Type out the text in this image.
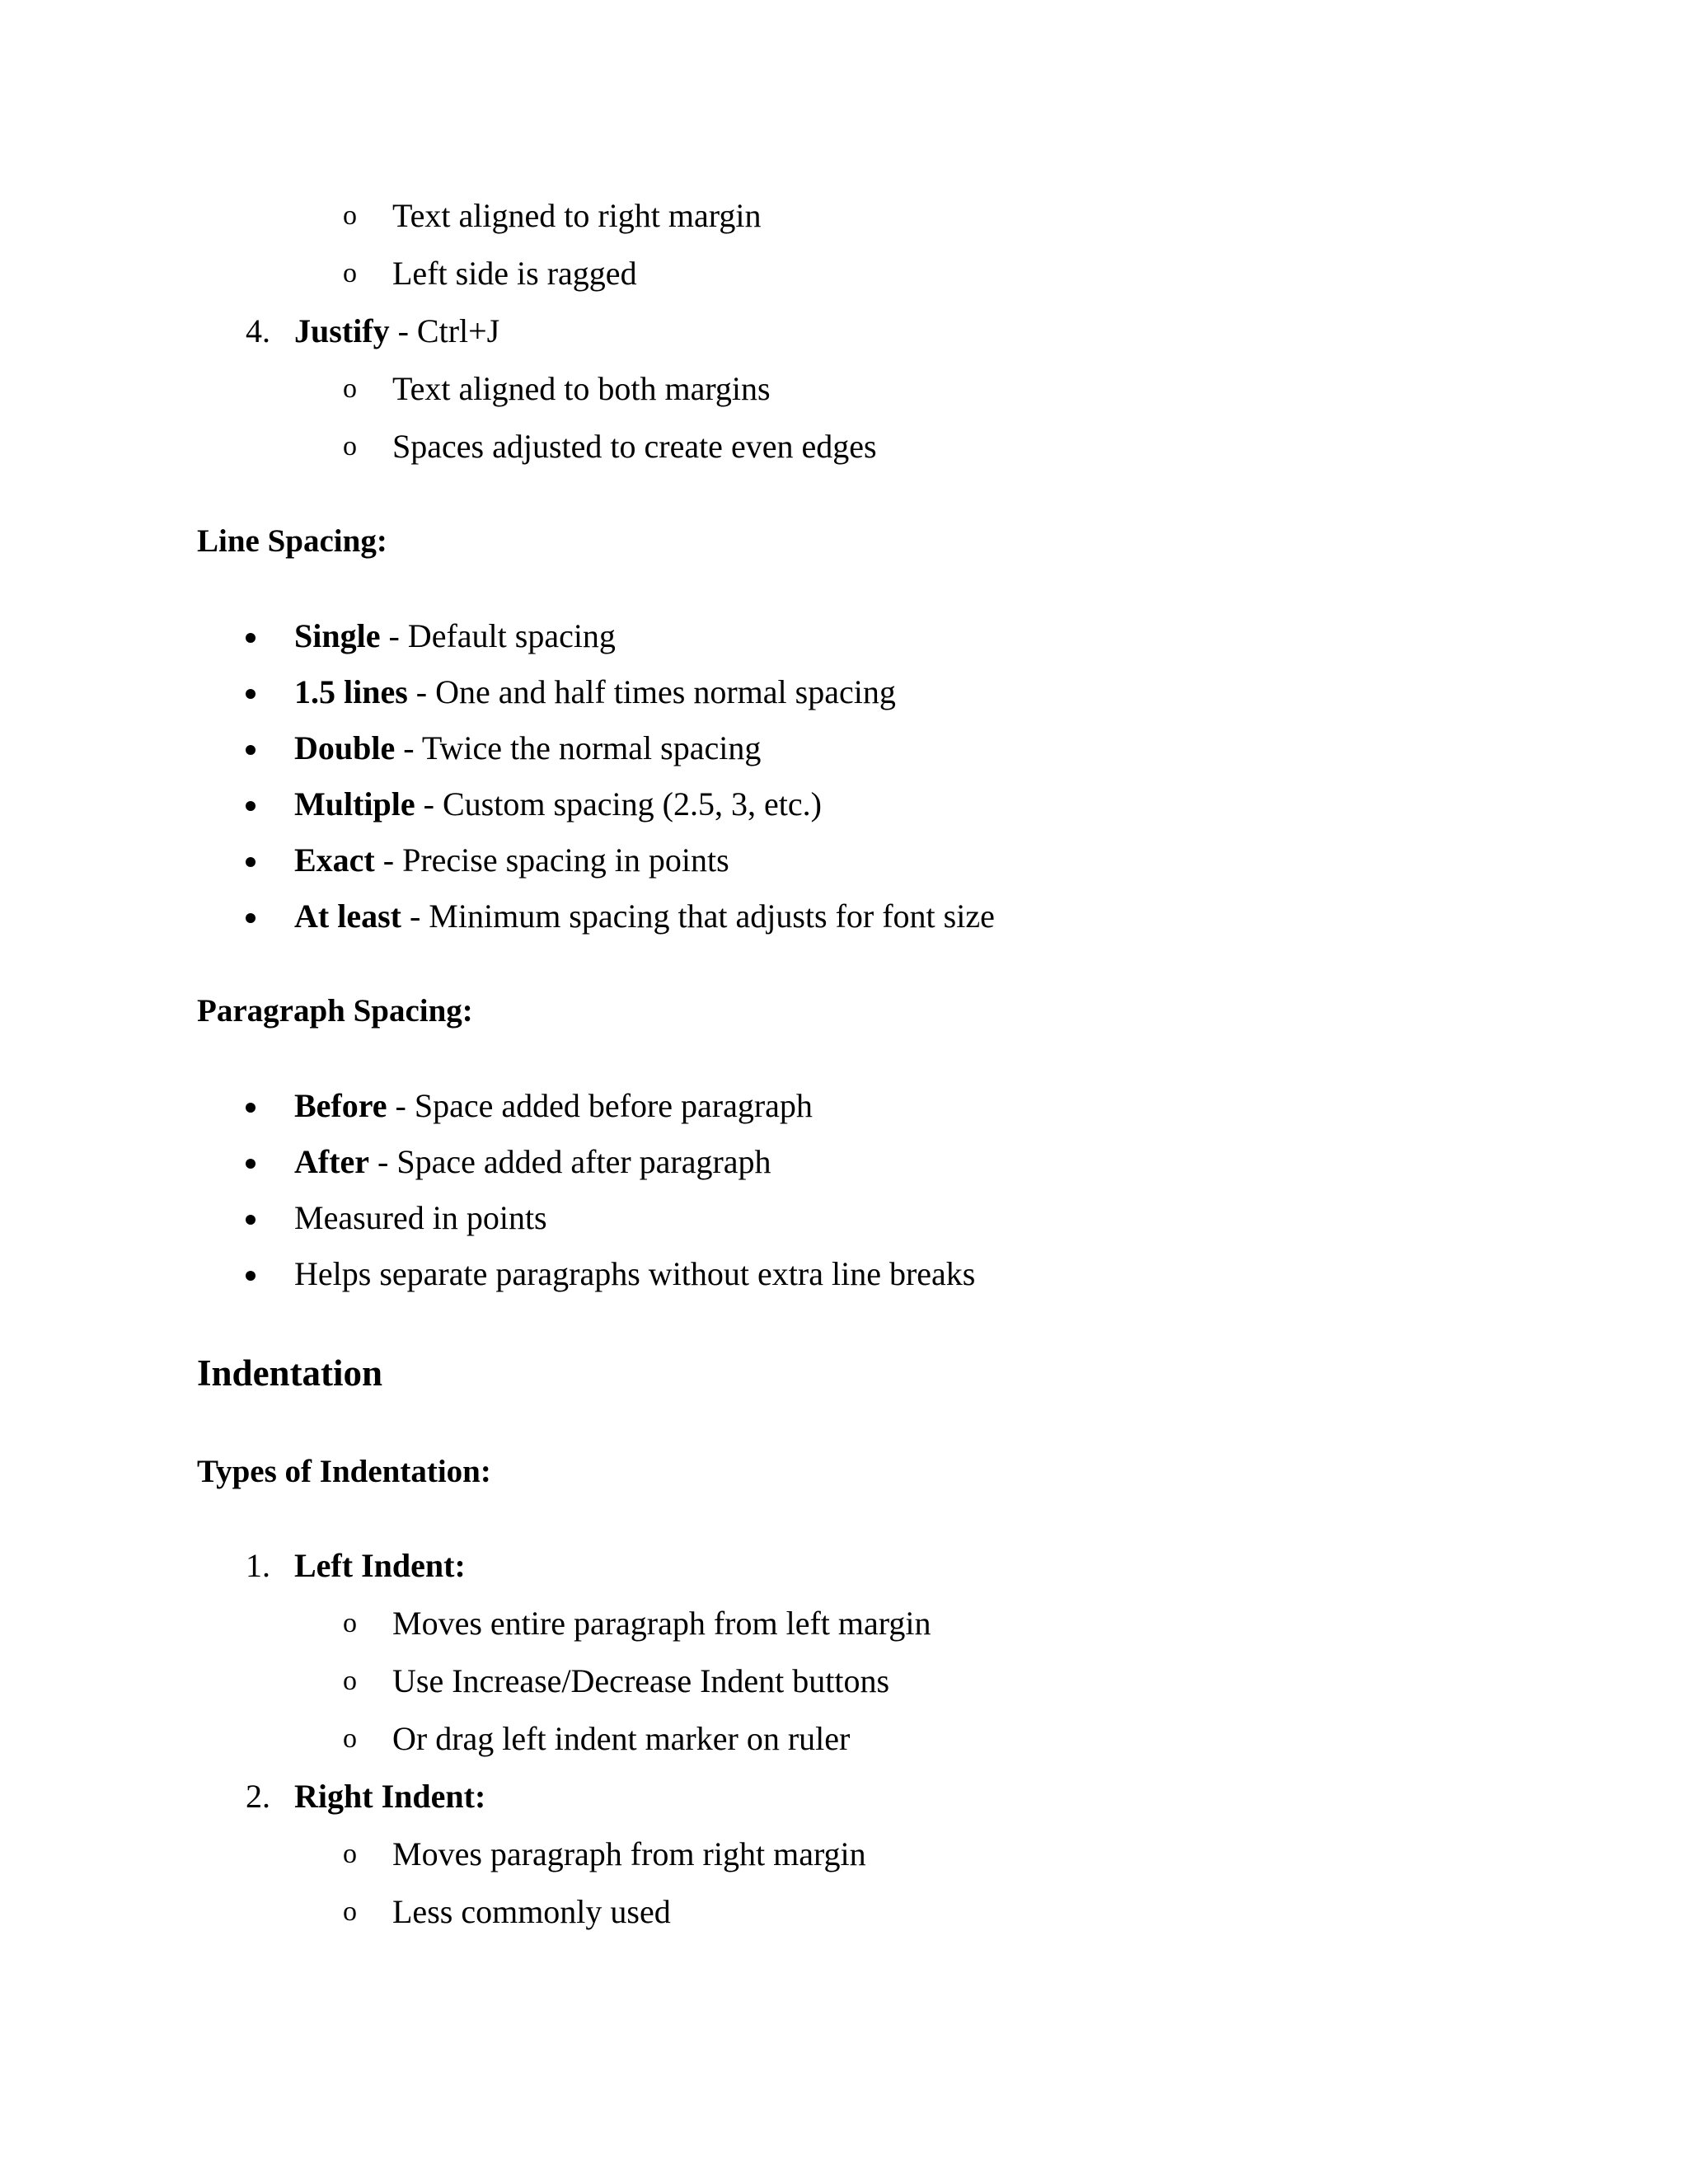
o Text aligned to right margin
o Left side is ragged
4. Justify - Ctrl+J
o Text aligned to both margins
o Spaces adjusted to create even edges
Line Spacing:
Single - Default spacing
1.5 lines - One and half times normal spacing
Double - Twice the normal spacing
Multiple - Custom spacing (2.5, 3, etc.)
Exact - Precise spacing in points
At least - Minimum spacing that adjusts for font size
Paragraph Spacing:
Before - Space added before paragraph
After - Space added after paragraph
Measured in points
Helps separate paragraphs without extra line breaks
Indentation
Types of Indentation:
1. Left Indent:
o Moves entire paragraph from left margin
o Use Increase/Decrease Indent buttons
o Or drag left indent marker on ruler
2. Right Indent:
o Moves paragraph from right margin
o Less commonly used
